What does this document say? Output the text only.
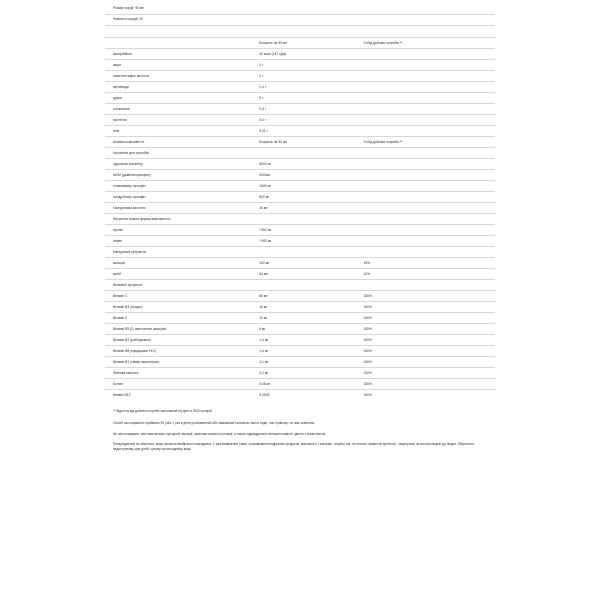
Розмір порції: 90 мл		
Кількість порцій: 20		

	Кількість на 90 мл	% Від добової потреби **
калорійність	40 ккал (167 кДж)	
жири	0 г	
насичені жирні кислоти	0 г	
вуглеводи	2,4 г	
цукри	0 г	
хлітковина	0,3 г	
протеїни	0,0 г	
нем	0,01 г	
Активні компоненти:	Кількість на 90 мл	% Від добової потреби **
Нутрієнти для суглобів:		
гідролізат колагену	5000 мг	
МСМ (диметилсульфон)	2000мг	
глюкозаміну сульфат	1500 мг	
хондроїтину сульфат	800 мг	
Гіалуронова кислота	30 мг	
Нутрієнти вільна форма амінокислот:		
пролін	* 500 мг	
глікин	* 500 мг	
Мінеральні нутрієнти:		
кальцій	120 мг	15%
калій	54 мл	10%
Вітамінні нутрієнти:		
Вітамін C	80 мг	100%
Вітамін B3 (ніацин)	16 мг	100%
Вітамін E	12 мг	100%
Вітамін B5 (D-пантотенат кальцію)	6 мг	100%
Вітамін B2 (рибофлавін)	1,4 мг	100%
Вітамін B6 (піридоксин HCl)	1,4 мг	100%
Вітамін B1 (тіамін мононітрат)	1,1 мг	100%
Фолієва кислота	0,2 мг	100%
Біотин	0,05 мг	100%
вітамін B12	0,0005	100%

** Відсоток від добової потреби заснований на дієті в 2000 калорій.

Спосіб застосування: приймати 90 (або 1 раз в день) розбавлений або замішаний склянкою чистої води. Час прийому: не має значення.

Не застосовувати: вагітним жінкам, при дітей лактації, можливо алергічні реакції, а також індивідуальна непереносимість одного з компонентів.

Попередження не зберігати, якщо захисна мембрана пошкоджена. У разі виявлення пліви, прожовування відкритих продуктів, виписати її і завтраж - перену так, не поспіти привести претензії - звернутись за консультацією до лікаря. Зберігати в недоступному для дітей, сухому прохолодному місці.
